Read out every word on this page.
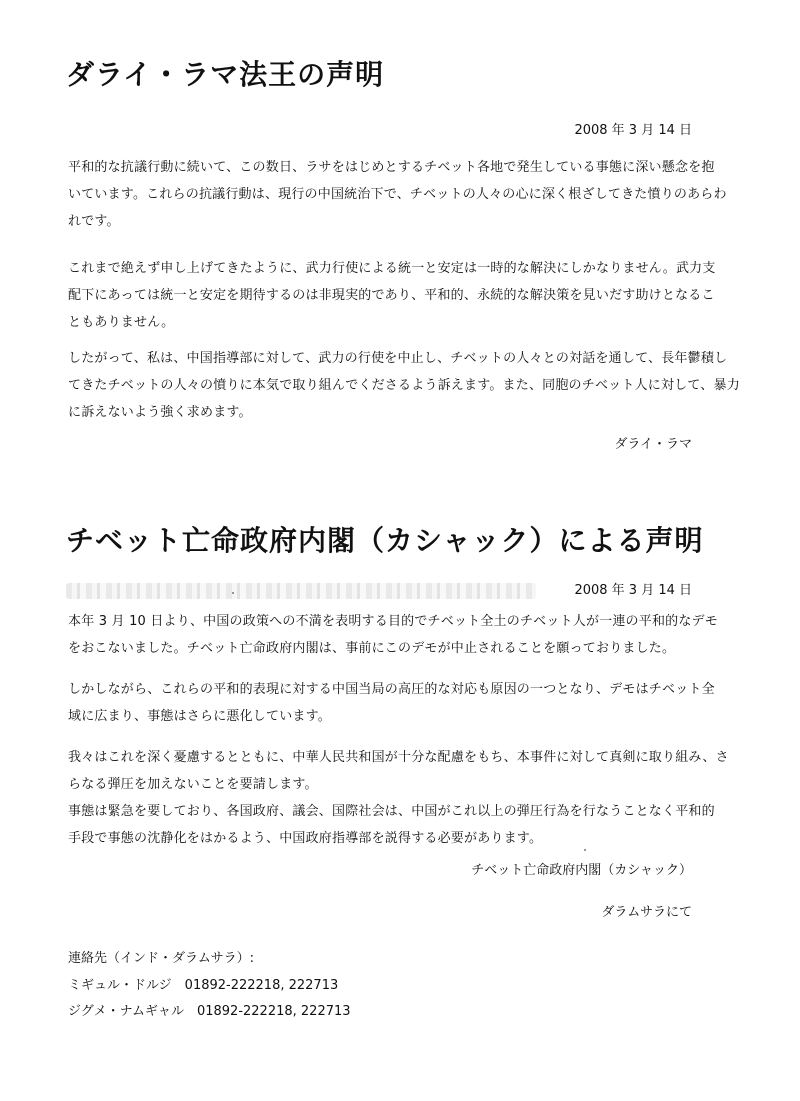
ダライ・ラマ法王の声明
2008 年 3 月 14 日
平和的な抗議行動に続いて、この数日、ラサをはじめとするチベット各地で発生している事態に深い懸念を抱
いています。これらの抗議行動は、現行の中国統治下で、チベットの人々の心に深く根ざしてきた憤りのあらわ
れです。
これまで絶えず申し上げてきたように、武力行使による統一と安定は一時的な解決にしかなりません。武力支
配下にあっては統一と安定を期待するのは非現実的であり、平和的、永続的な解決策を見いだす助けとなるこ
ともありません。
したがって、私は、中国指導部に対して、武力の行使を中止し、チベットの人々との対話を通して、長年鬱積し
てきたチベットの人々の憤りに本気で取り組んでくださるよう訴えます。また、同胞のチベット人に対して、暴力
に訴えないよう強く求めます。
ダライ・ラマ
チベット亡命政府内閣（カシャック）による声明
2008 年 3 月 14 日
本年 3 月 10 日より、中国の政策への不満を表明する目的でチベット全土のチベット人が一連の平和的なデモ
をおこないました。チベット亡命政府内閣は、事前にこのデモが中止されることを願っておりました。
しかしながら、これらの平和的表現に対する中国当局の高圧的な対応も原因の一つとなり、デモはチベット全
域に広まり、事態はさらに悪化しています。
我々はこれを深く憂慮するとともに、中華人民共和国が十分な配慮をもち、本事件に対して真剣に取り組み、さ
らなる弾圧を加えないことを要請します。
事態は緊急を要しており、各国政府、議会、国際社会は、中国がこれ以上の弾圧行為を行なうことなく平和的
手段で事態の沈静化をはかるよう、中国政府指導部を説得する必要があります。
チベット亡命政府内閣（カシャック）
ダラムサラにて
連絡先（インド・ダラムサラ）:
ミギュル・ドルジ　01892-222218, 222713
ジグメ・ナムギャル　01892-222218, 222713
